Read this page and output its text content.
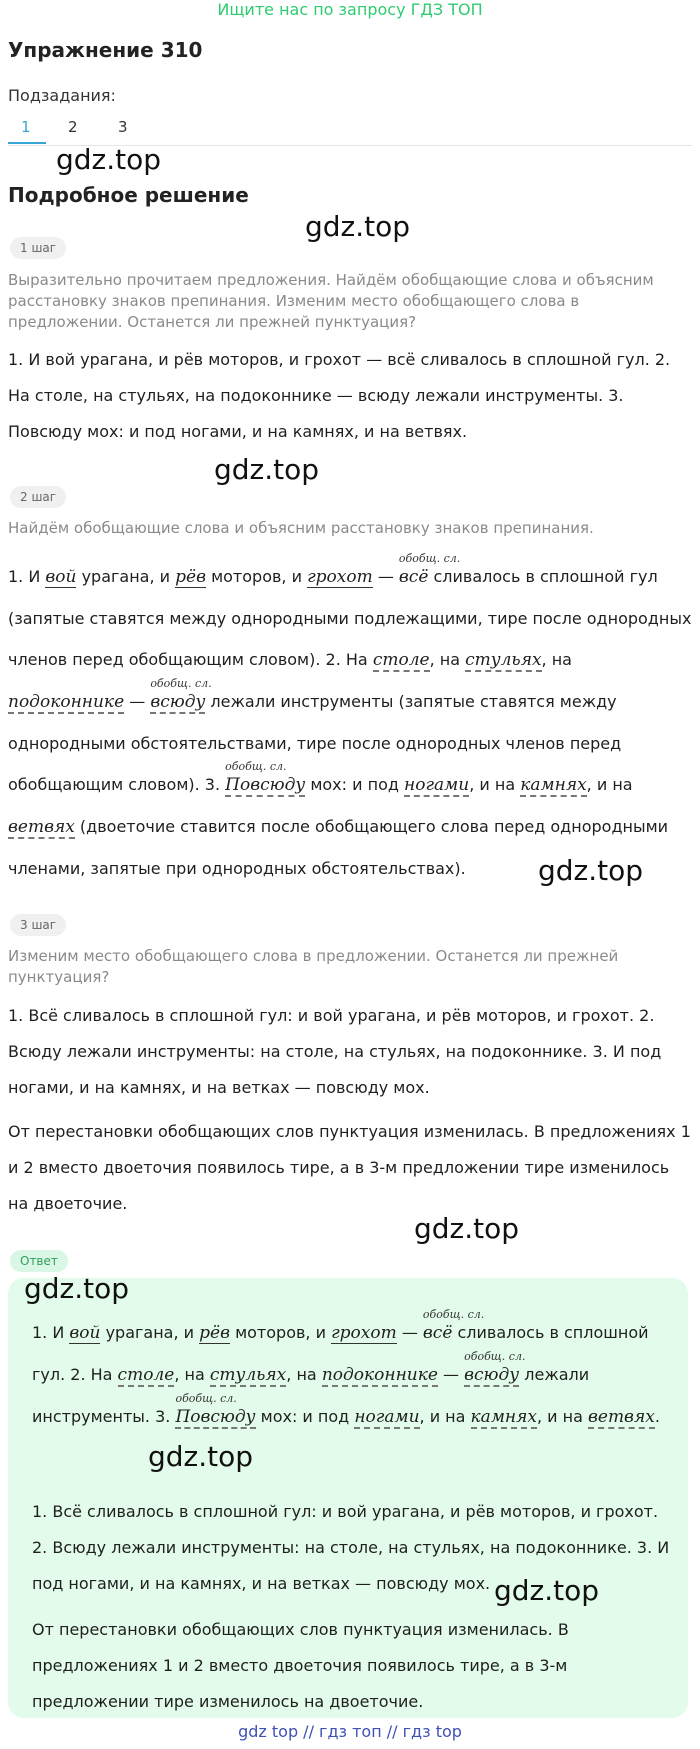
Ищите нас по запросу ГДЗ ТОП
Упражнение 310
Подзадания:
1 2	3
gdz.top
Подробное решение
gdz.top
1 шаг
Выразительно прочитаем предложения. Найдём обобщающие слова и объясним расстановку знаков препинания. Изменим место обобщающего слова в предложении. Останется ли прежней пунктуация?
1. И вой урагана, и рёв моторов, и грохот — всё сливалось в сплошной гул. 2. На столе, на стульях, на подоконнике — всюду лежали инструменты. 3. Повсюду мох: и под ногами, и на камнях, и на ветвях.
gdz.top
2 шаг
Найдём обобщающие слова и объясним расстановку знаков препинания.
1. И вой урагана, и рёв моторов, и грохот —
обобщ. сл.
всё сливалось в сплошной гул (запятые ставятся между однородными подлежащими, тире после однородных членов перед обобщающим словом). 2. На столе, на стульях, на подоконнике —
обобщ. сл.
всюду лежали инструменты (запятые ставятся между однородными обстоятельствами, тире после однородных членов перед обобщающим словом). 3.
обобщ. сл.
Повсюду мох: и под ногами, и на камнях, и на ветвях (двоеточие ставится после обобщающего слова перед однородными членами, запятые при однородных обстоятельствах).	gdz.top
3 шаг
Изменим место обобщающего слова в предложении. Останется ли прежней пунктуация?
1. Всё сливалось в сплошной гул: и вой урагана, и рёв моторов, и грохот. 2. Всюду лежали инструменты: на столе, на стульях, на подоконнике. 3. И под ногами, и на камнях, и на ветках — повсюду мох.
От перестановки обобщающих слов пунктуация изменилась. В предложениях 1 и 2 вместо двоеточия появилось тире, а в 3-м предложении тире изменилось на двоеточие.
gdz.top
Ответ
gdz.top
1. И вой урагана, и рёв моторов, и грохот —
обобщ. сл.
всё сливалось в сплошной гул. 2. На столе, на стульях, на подоконнике —
обобщ. сл.
всюду лежали инструменты. 3.
обобщ. сл.
Повсюду мох: и под ногами, и на камнях, и на ветвях.
gdz.top
1. Всё сливалось в сплошной гул: и вой урагана, и рёв моторов, и грохот. 2. Всюду лежали инструменты: на столе, на стульях, на подоконнике. 3. И под ногами, и на камнях, и на ветках — повсюду мох. gdz.top
От перестановки обобщающих слов пунктуация изменилась. В предложениях 1 и 2 вместо двоеточия появилось тире, а в 3-м предложении тире изменилось на двоеточие.
gdz top // гдз топ // гдз top
